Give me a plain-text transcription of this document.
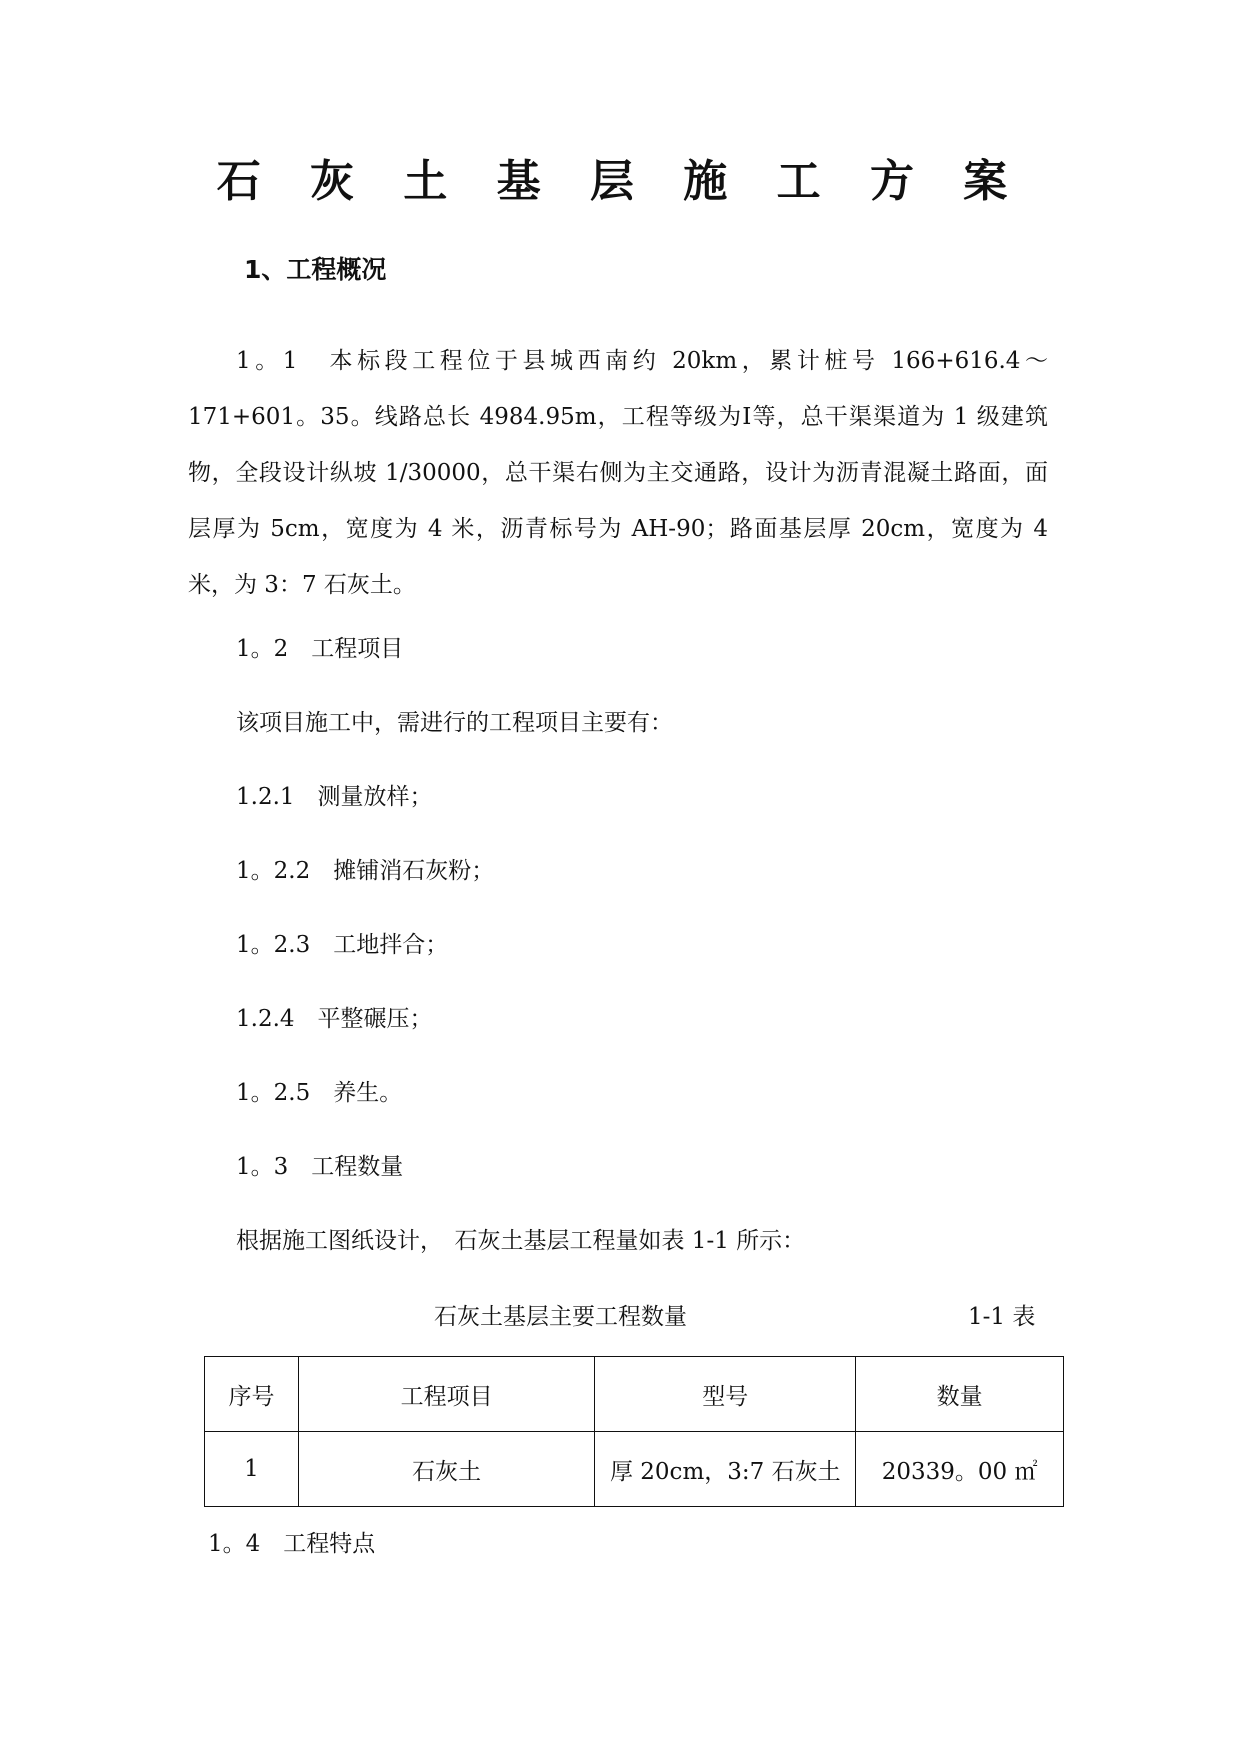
石 灰 土 基 层 施 工 方 案
1、工程概况

1。1　本标段工程位于县城西南约 20km，累计桩号 166+616.4～171+601。35。线路总长 4984.95m，工程等级为Ⅰ等，总干渠渠道为 1 级建筑物，全段设计纵坡 1/30000，总干渠右侧为主交通路，设计为沥青混凝土路面，面层厚为 5cm，宽度为 4 米，沥青标号为 AH-90；路面基层厚 20cm，宽度为 4 米，为 3：7 石灰土。

1。2　工程项目
该项目施工中，需进行的工程项目主要有：
1.2.1　测量放样；
1。2.2　摊铺消石灰粉；
1。2.3　工地拌合；
1.2.4　平整碾压；
1。2.5　养生。
1。3　工程数量
根据施工图纸设计，　石灰土基层工程量如表 1-1 所示：
石灰土基层主要工程数量	1-1 表
序号	工程项目	型号	数量
1	石灰土	厚 20cm，3:7 石灰土	20339。00 ㎡
1。4　工程特点
